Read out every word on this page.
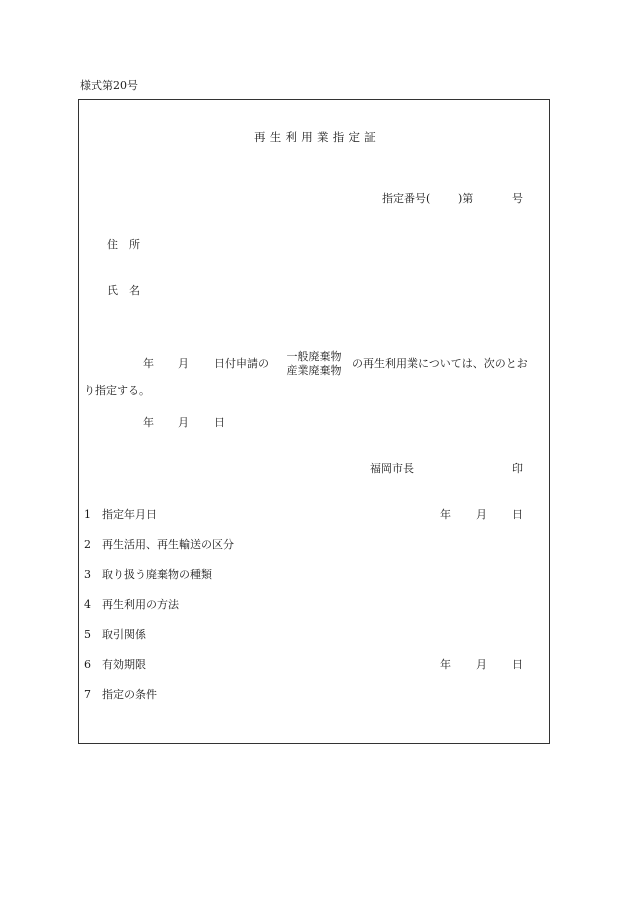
様式第20号
再 生 利 用 業 指 定 証
指定番号(	)第	号
住　所
氏　名
年 月 日付申請の
一般廃棄物
産業廃棄物
の再生利用業については、次のとお
り指定する。
年 月 日
福岡市長	印
1 指定年月日	年 月 日
2 再生活用、再生輸送の区分
3 取り扱う廃棄物の種類
4 再生利用の方法
5 取引関係
6 有効期限	年 月 日
7 指定の条件
